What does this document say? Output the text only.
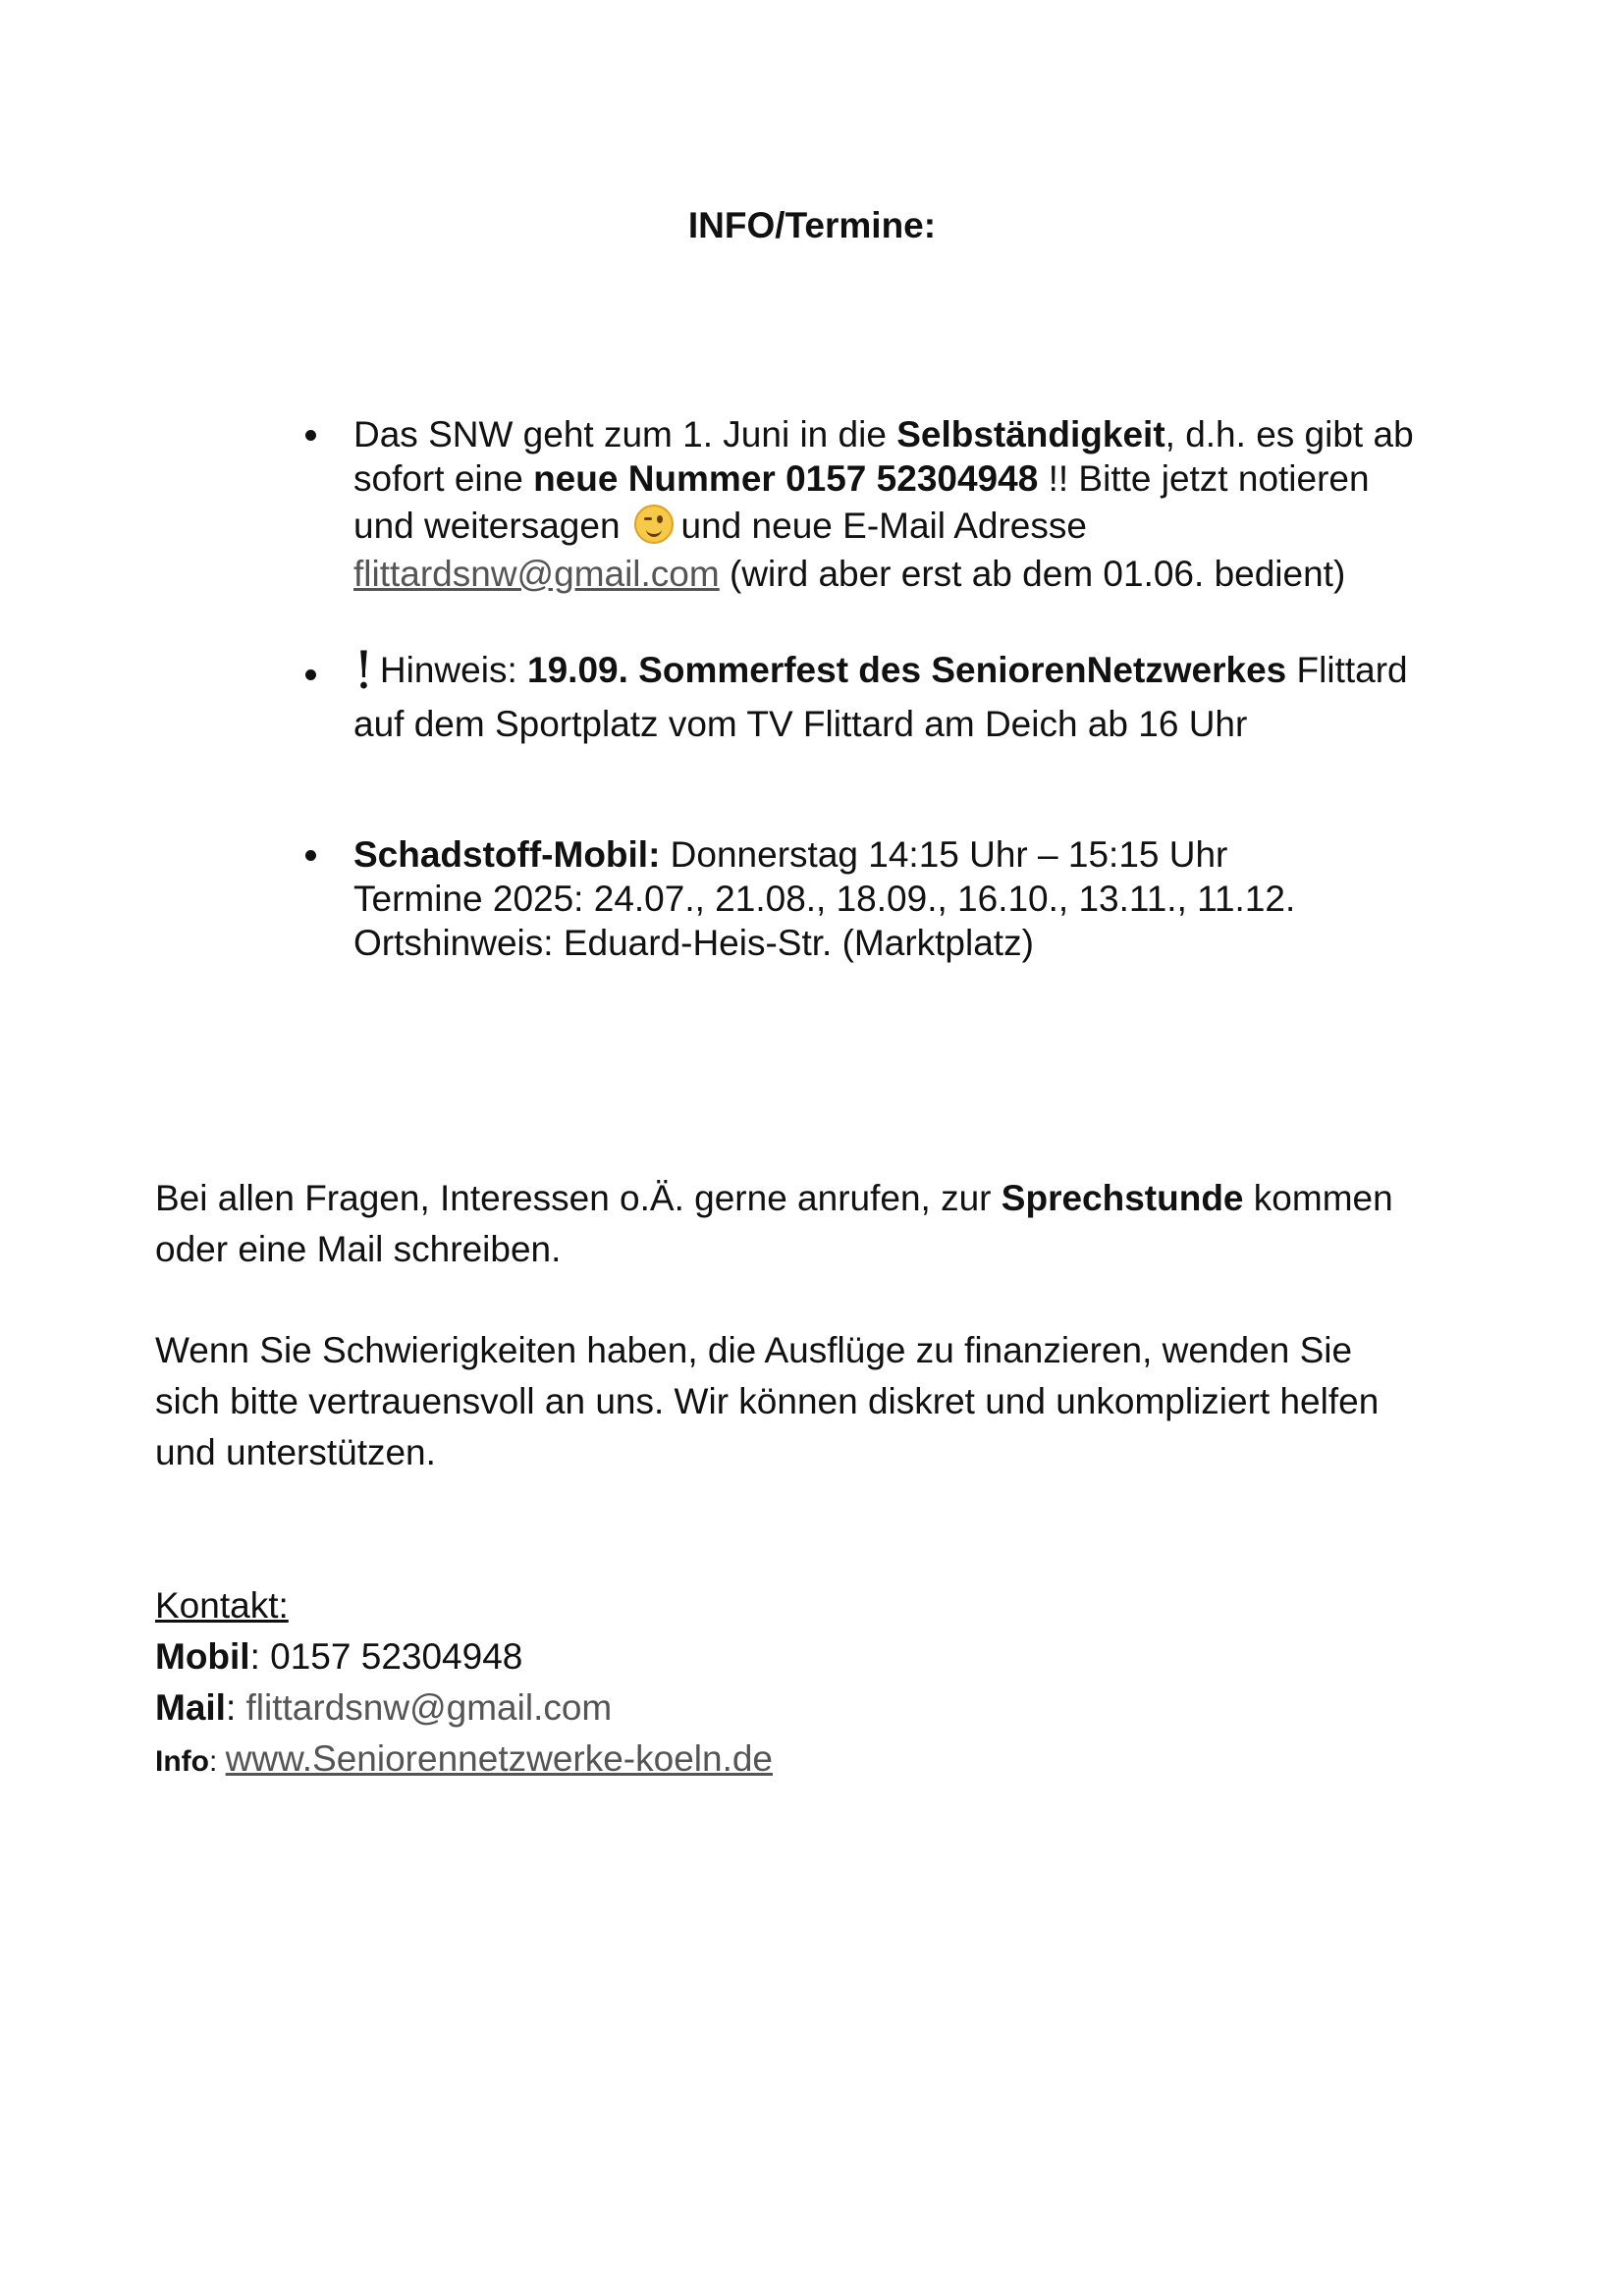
INFO/Termine:
Das SNW geht zum 1. Juni in die Selbständigkeit, d.h. es gibt ab
sofort eine neue Nummer 0157 52304948 !! Bitte jetzt notieren
und weitersagen und neue E-Mail Adresse
flittardsnw@gmail.com (wird aber erst ab dem 01.06. bedient)
! Hinweis: 19.09. Sommerfest des SeniorenNetzwerkes Flittard
auf dem Sportplatz vom TV Flittard am Deich ab 16 Uhr
Schadstoff-Mobil: Donnerstag 14:15 Uhr – 15:15 Uhr
Termine 2025: 24.07., 21.08., 18.09., 16.10., 13.11., 11.12.
Ortshinweis: Eduard-Heis-Str. (Marktplatz)

Bei allen Fragen, Interessen o.Ä. gerne anrufen, zur Sprechstunde kommen
oder eine Mail schreiben.

Wenn Sie Schwierigkeiten haben, die Ausflüge zu finanzieren, wenden Sie
sich bitte vertrauensvoll an uns. Wir können diskret und unkompliziert helfen
und unterstützen.

Kontakt:
Mobil: 0157 52304948
Mail: flittardsnw@gmail.com
Info: www.Seniorennetzwerke-koeln.de
